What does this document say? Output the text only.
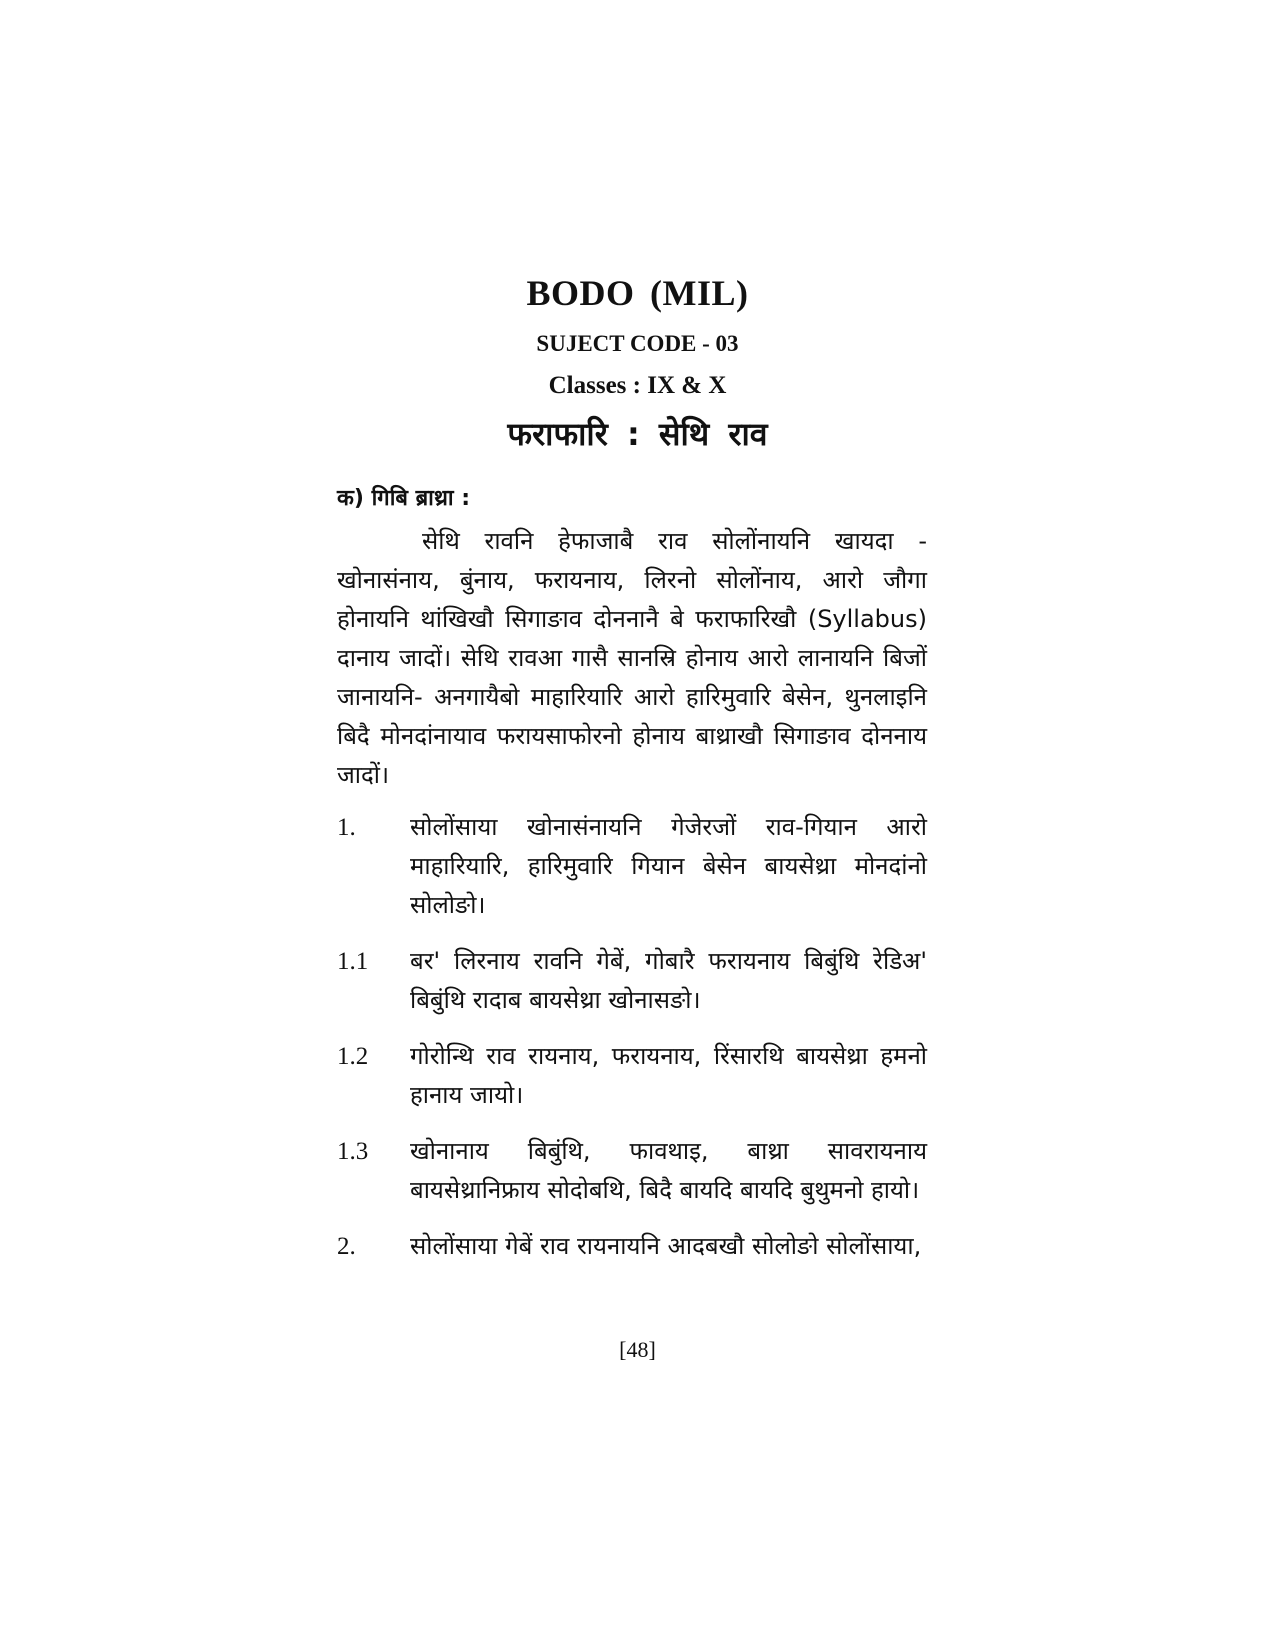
BODO (MIL)
SUJECT CODE - 03
Classes : IX & X
फराफारि : सेथि राव
क) गिबि ब्राथ्रा :
सेथि रावनि हेफाजाबै राव सोलोंनायनि खायदा - खोनासंनाय, बुंनाय, फरायनाय, लिरनो सोलोंनाय, आरो जौगा होनायनि थांखिखौ सिगाङाव दोननानै बे फराफारिखौ (Syllabus) दानाय जादों। सेथि रावआ गासै सानस्रि होनाय आरो लानायनि बिजों जानायनि- अनगायैबो माहारियारि आरो हारिमुवारि बेसेन, थुनलाइनि बिदै मोनदांनायाव फरायसाफोरनो होनाय बाथ्राखौ सिगाङाव दोननाय जादों।
1.	सोलोंसाया खोनासंनायनि गेजेरजों राव-गियान आरो माहारियारि, हारिमुवारि गियान बेसेन बायसेथ्रा मोनदांनो सोलोङो।
1.1	बर' लिरनाय रावनि गेबें, गोबारै फरायनाय बिबुंथि रेडिअ' बिबुंथि रादाब बायसेथ्रा खोनासङो।
1.2	गोरोन्थि राव रायनाय, फरायनाय, रिंसारथि बायसेथ्रा हमनो हानाय जायो।
1.3	खोनानाय बिबुंथि, फावथाइ, बाथ्रा सावरायनाय बायसेथ्रानिफ्राय सोदोबथि, बिदै बायदि बायदि बुथुमनो हायो।
2.	सोलोंसाया गेबें राव रायनायनि आदबखौ सोलोङो सोलोंसाया,
[48]
